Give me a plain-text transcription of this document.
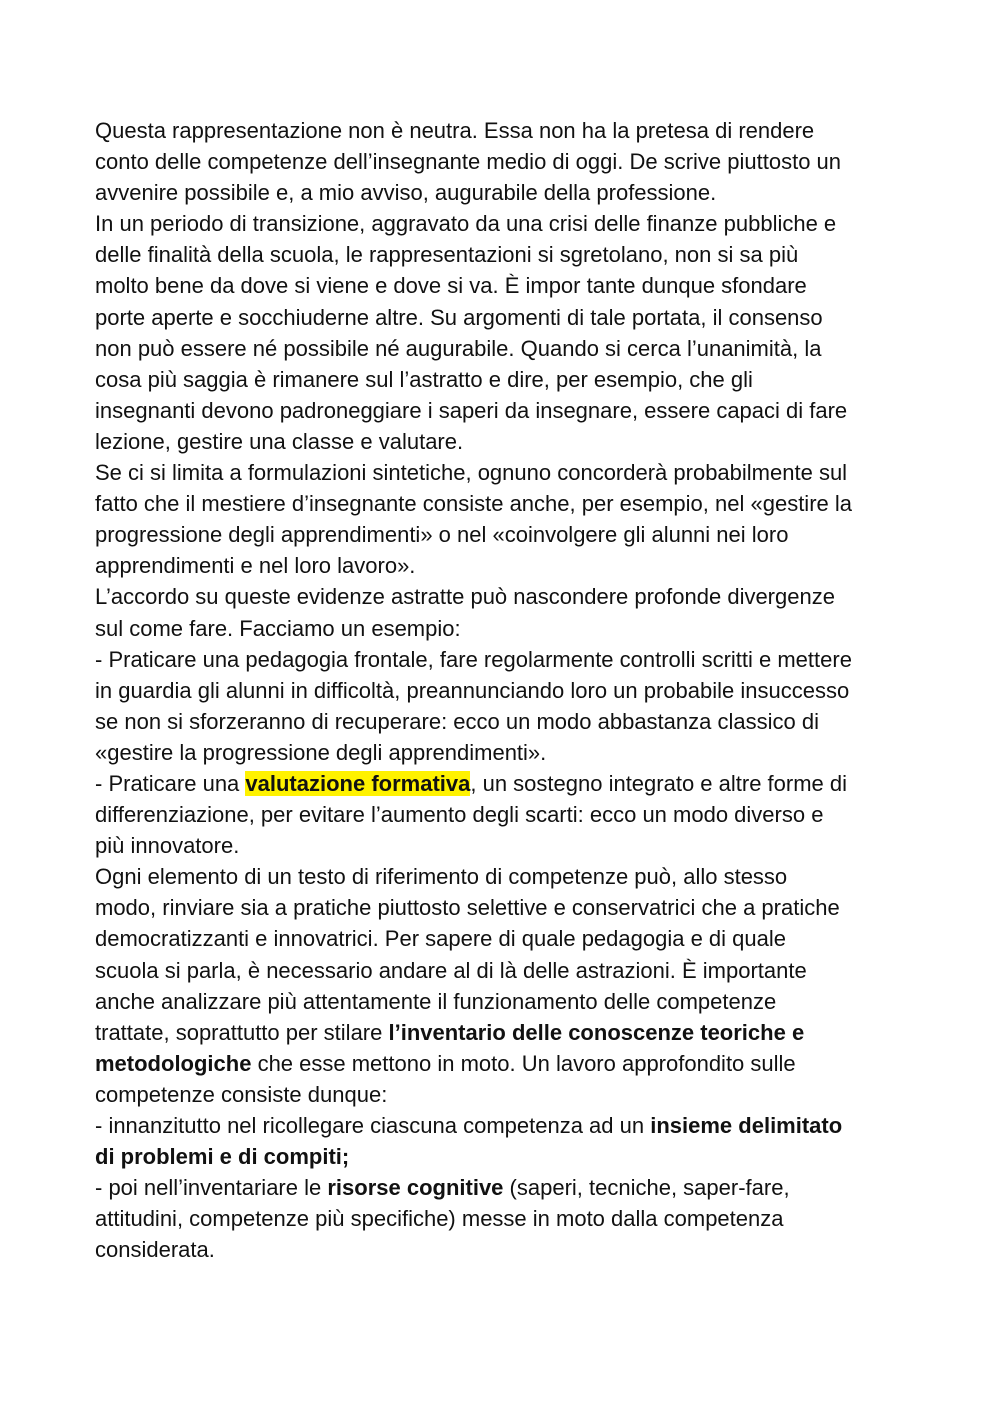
Questa rappresentazione non è neutra. Essa non ha la pretesa di rendere
conto delle competenze dell’insegnante medio di oggi. De scrive piuttosto un
avvenire possibile e, a mio avviso, augurabile della professione.
In un periodo di transizione, aggravato da una crisi delle finanze pubbliche e
delle finalità della scuola, le rappresentazioni si sgretolano, non si sa più
molto bene da dove si viene e dove si va. È impor tante dunque sfondare
porte aperte e socchiuderne altre. Su argomenti di tale portata, il consenso
non può essere né possibile né augurabile. Quando si cerca l’unanimità, la
cosa più saggia è rimanere sul l’astratto e dire, per esempio, che gli
insegnanti devono padroneggiare i saperi da insegnare, essere capaci di fare
lezione, gestire una classe e valutare.
Se ci si limita a formulazioni sintetiche, ognuno concorderà probabilmente sul
fatto che il mestiere d’insegnante consiste anche, per esempio, nel «gestire la
progressione degli apprendimenti» o nel «coinvolgere gli alunni nei loro
apprendimenti e nel loro lavoro».
L’accordo su queste evidenze astratte può nascondere profonde divergenze
sul come fare. Facciamo un esempio:
- Praticare una pedagogia frontale, fare regolarmente controlli scritti e mettere
in guardia gli alunni in difficoltà, preannunciando loro un probabile insuccesso
se non si sforzeranno di recuperare: ecco un modo abbastanza classico di
«gestire la progressione degli apprendimenti».
- Praticare una valutazione formativa, un sostegno integrato e altre forme di
differenziazione, per evitare l’aumento degli scarti: ecco un modo diverso e
più innovatore.
Ogni elemento di un testo di riferimento di competenze può, allo stesso
modo, rinviare sia a pratiche piuttosto selettive e conservatrici che a pratiche
democratizzanti e innovatrici. Per sapere di quale pedagogia e di quale
scuola si parla, è necessario andare al di là delle astrazioni. È importante
anche analizzare più attentamente il funzionamento delle competenze
trattate, soprattutto per stilare l’inventario delle conoscenze teoriche e
metodologiche che esse mettono in moto. Un lavoro approfondito sulle
competenze consiste dunque:
- innanzitutto nel ricollegare ciascuna competenza ad un insieme delimitato
di problemi e di compiti;
- poi nell’inventariare le risorse cognitive (saperi, tecniche, saper-fare,
attitudini, competenze più specifiche) messe in moto dalla competenza
considerata.
